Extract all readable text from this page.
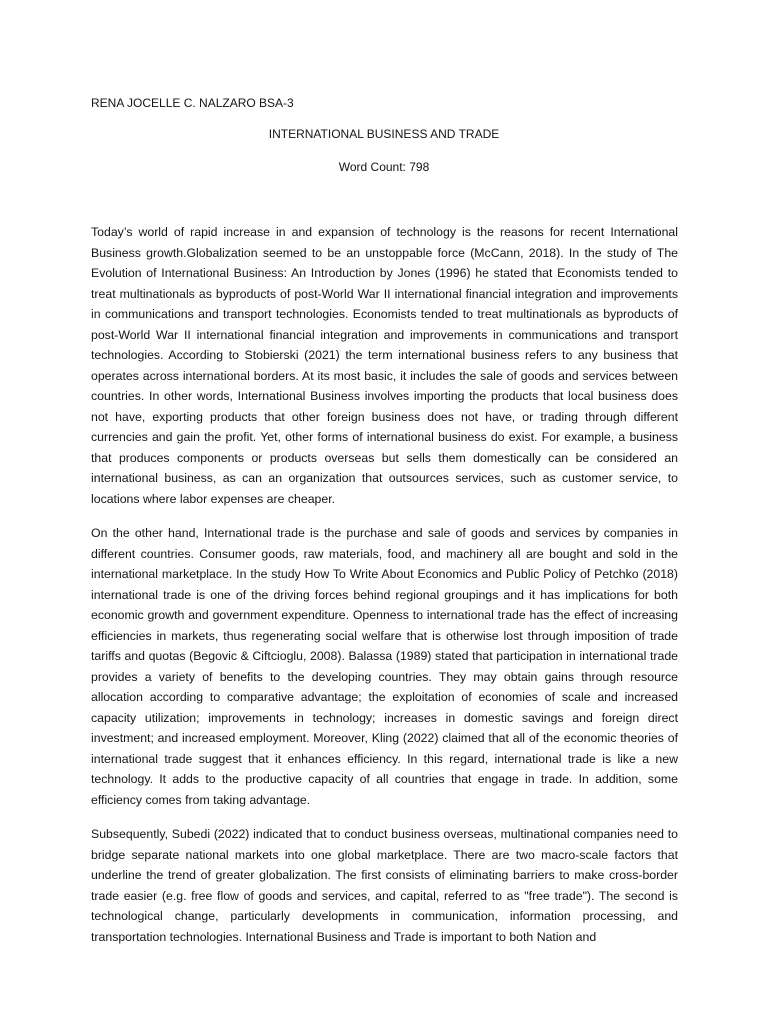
RENA JOCELLE C. NALZARO BSA-3
INTERNATIONAL BUSINESS AND TRADE
Word Count: 798

Today’s world of rapid increase in and expansion of technology is the reasons for recent International Business growth.Globalization seemed to be an unstoppable force (McCann, 2018). In the study of The Evolution of International Business: An Introduction by Jones (1996) he stated that Economists tended to treat multinationals as byproducts of post-World War II international financial integration and improvements in communications and transport technologies. Economists tended to treat multinationals as byproducts of post-World War II international financial integration and improvements in communications and transport technologies. According to Stobierski (2021) the term international business refers to any business that operates across international borders. At its most basic, it includes the sale of goods and services between countries. In other words, International Business involves importing the products that local business does not have, exporting products that other foreign business does not have, or trading through different currencies and gain the profit. Yet, other forms of international business do exist. For example, a business that produces components or products overseas but sells them domestically can be considered an international business, as can an organization that outsources services, such as customer service, to locations where labor expenses are cheaper.

On the other hand, International trade is the purchase and sale of goods and services by companies in different countries. Consumer goods, raw materials, food, and machinery all are bought and sold in the international marketplace. In the study How To Write About Economics and Public Policy of Petchko (2018) international trade is one of the driving forces behind regional groupings and it has implications for both economic growth and government expenditure. Openness to international trade has the effect of increasing efficiencies in markets, thus regenerating social welfare that is otherwise lost through imposition of trade tariffs and quotas (Begovic & Ciftcioglu, 2008). Balassa (1989) stated that participation in international trade provides a variety of benefits to the developing countries. They may obtain gains through resource allocation according to comparative advantage; the exploitation of economies of scale and increased capacity utilization; improvements in technology; increases in domestic savings and foreign direct investment; and increased employment. Moreover, Kling (2022) claimed that all of the economic theories of international trade suggest that it enhances efficiency. In this regard, international trade is like a new technology. It adds to the productive capacity of all countries that engage in trade. In addition, some efficiency comes from taking advantage.

Subsequently, Subedi (2022) indicated that to conduct business overseas, multinational companies need to bridge separate national markets into one global marketplace. There are two macro-scale factors that underline the trend of greater globalization. The first consists of eliminating barriers to make cross-border trade easier (e.g. free flow of goods and services, and capital, referred to as "free trade"). The second is technological change, particularly developments in communication, information processing, and transportation technologies. International Business and Trade is important to both Nation and
